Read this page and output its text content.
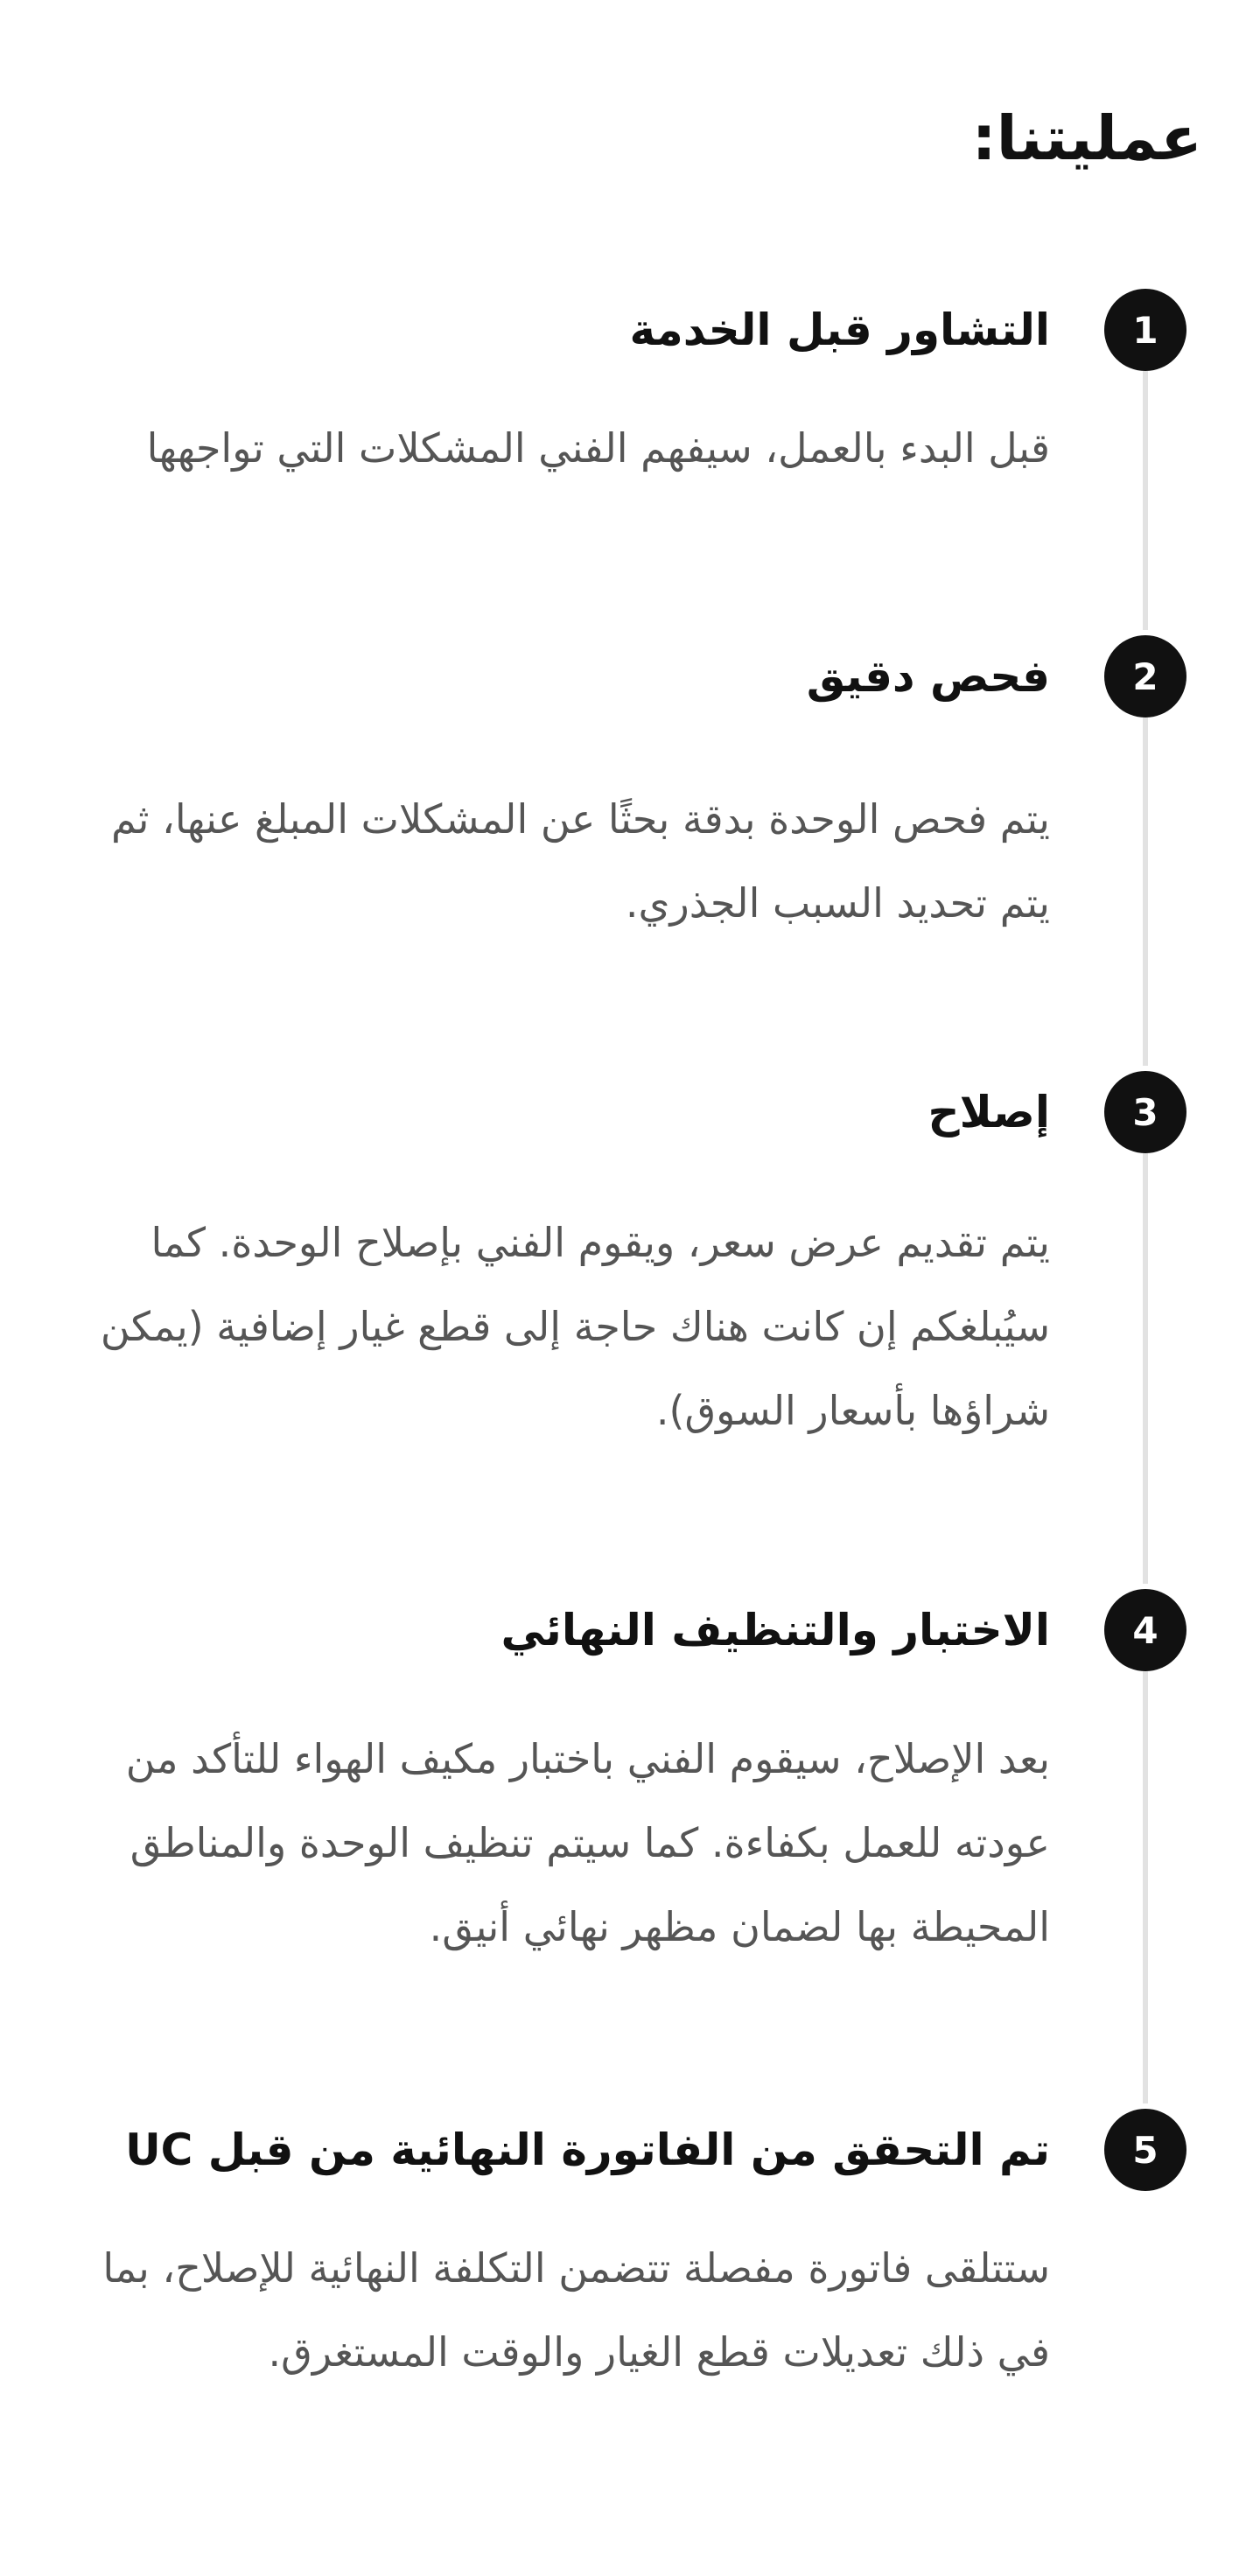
عمليتنا:
1
التشاور قبل الخدمة

قبل البدء بالعمل، سيفهم الفني المشكلات التي تواجهها

2
فحص دقيق

يتم فحص الوحدة بدقة بحثًا عن المشكلات المبلغ عنها، ثم يتم تحديد السبب الجذري.

3
إصلاح

يتم تقديم عرض سعر، ويقوم الفني بإصلاح الوحدة. كما سيُبلغكم إن كانت هناك حاجة إلى قطع غيار إضافية (يمكن شراؤها بأسعار السوق).

4
الاختبار والتنظيف النهائي

بعد الإصلاح، سيقوم الفني باختبار مكيف الهواء للتأكد من عودته للعمل بكفاءة. كما سيتم تنظيف الوحدة والمناطق المحيطة بها لضمان مظهر نهائي أنيق.

5
تم التحقق من الفاتورة النهائية من قبل UC

ستتلقى فاتورة مفصلة تتضمن التكلفة النهائية للإصلاح، بما في ذلك تعديلات قطع الغيار والوقت المستغرق.
